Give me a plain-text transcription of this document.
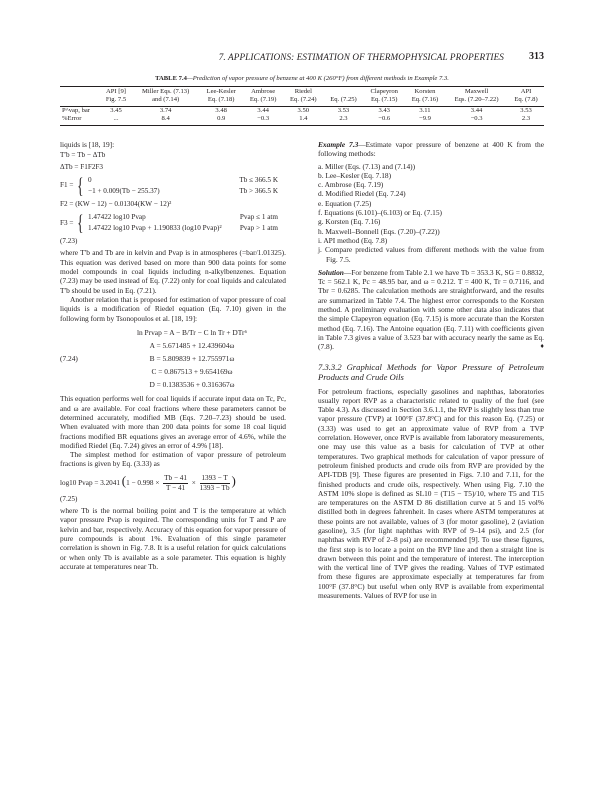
7. APPLICATIONS: ESTIMATION OF THERMOPHYSICAL PROPERTIES	313
TABLE 7.4—Prediction of vapor pressure of benzene at 400 K (260°F) from different methods in Example 7.3.
	API [9]	Miller Eqs. (7.13)	Lee-Kesler	Ambrose	Riedel		Clapeyron	Korsten	Maxwell	API
	Fig. 7.5	and (7.14)	Eq. (7.18)	Eq. (7.19)	Eq. (7.24)	Eq. (7.25)	Eq. (7.15)	Eq. (7.16)	Eqs. (7.20–7.22)	Eq. (7.8)
P^vap, bar	3.45	3.74	3.48	3.44	3.50	3.53	3.43	3.11	3.44	3.53
%Error	...	8.4	0.9	−0.3	1.4	2.3	−0.6	−9.9	−0.3	2.3

liquids is [18, 19]:

T′b = Tb − ΔTb
ΔTb = F1F2F3
F1 = { 0	Tb ≤ 366.5 K
−1 + 0.009(Tb − 255.37)	Tb > 366.5 K
F2 = (KW − 12) − 0.01304(KW − 12)²
F3 = { 1.47422 log10 Pvap	Pvap ≤ 1 atm
1.47422 log10 Pvap + 1.190833 (log10 Pvap)²	Pvap > 1 atm
(7.23)

where T′b and Tb are in kelvin and Pvap is in atmospheres (=bar/1.01325). This equation was derived based on more than 900 data points for some model compounds in coal liquids including n-alkylbenzenes. Equation (7.23) may be used instead of Eq. (7.22) only for coal liquids and calculated T′b should be used in Eq. (7.21).

Another relation that is proposed for estimation of vapor pressure of coal liquids is a modification of Riedel equation (Eq. 7.10) given in the following form by Tsonopoulos et al. [18, 19]:

(7.24)
ln Prvap = A − B/Tr − C ln Tr + DTr⁶
A = 5.671485 + 12.439604ω
B = 5.809839 + 12.755971ω
C = 0.867513 + 9.654169ω
D = 0.1383536 + 0.316367ω

This equation performs well for coal liquids if accurate input data on Tc, Pc, and ω are available. For coal fractions where these parameters cannot be determined accurately, modified MB (Eqs. 7.20–7.23) should be used. When evaluated with more than 200 data points for some 18 coal liquid fractions modified BR equations gives an average error of 4.6%, while the modified Riedel (Eq. 7.24) gives an error of 4.9% [18].

The simplest method for estimation of vapor pressure of petroleum fractions is given by Eq. (3.33) as

log10 Pvap = 3.2041 ($1 - 0.998 \times \frac{Tb - 41}{T - 41} \times \frac{1393 - T}{1393 - Tb}$ )
(7.25)

where Tb is the normal boiling point and T is the temperature at which vapor pressure Pvap is required. The corresponding units for T and P are kelvin and bar, respectively. Accuracy of this equation for vapor pressure of pure compounds is about 1%. Evaluation of this single parameter correlation is shown in Fig. 7.8. It is a useful relation for quick calculations or when only Tb is available as a sole parameter. This equation is highly accurate at temperatures near Tb.

Example 7.3—Estimate vapor pressure of benzene at 400 K from the following methods:

a. Miller (Eqs. (7.13) and (7.14))
b. Lee–Kesler (Eq. 7.18)
c. Ambrose (Eq. 7.19)
d. Modified Riedel (Eq. 7.24)
e. Equation (7.25)
f. Equations (6.101)–(6.103) or Eq. (7.15)
g. Korsten (Eq. 7.16)
h. Maxwell–Bonnell (Eqs. (7.20)–(7.22))
i. API method (Eq. 7.8)
j. Compare predicted values from different methods with the value from Fig. 7.5.

Solution—For benzene from Table 2.1 we have Tb = 353.3 K, SG = 0.8832, Tc = 562.1 K, Pc = 48.95 bar, and ω = 0.212. T = 400 K, Tr = 0.7116, and Tbr = 0.6285. The calculation methods are straightforward, and the results are summarized in Table 7.4. The highest error corresponds to the Korsten method. A preliminary evaluation with some other data also indicates that the simple Clapeyron equation (Eq. 7.15) is more accurate than the Korsten method (Eq. 7.16). The Antoine equation (Eq. 7.11) with coefficients given in Table 7.3 gives a value of 3.523 bar with accuracy nearly the same as Eq. (7.8).	♦

7.3.3.2 Graphical Methods for Vapor Pressure of Petroleum Products and Crude Oils

For petroleum fractions, especially gasolines and naphthas, laboratories usually report RVP as a characteristic related to quality of the fuel (see Table 4.3). As discussed in Section 3.6.1.1, the RVP is slightly less than true vapor pressure (TVP) at 100°F (37.8°C) and for this reason Eq. (7.25) or (3.33) was used to get an approximate value of RVP from a TVP correlation. However, once RVP is available from laboratory measurements, one may use this value as a basis for calculation of TVP at other temperatures. Two graphical methods for calculation of vapor pressure of petroleum finished products and crude oils from RVP are provided by the API-TDB [9]. These figures are presented in Figs. 7.10 and 7.11, for the finished products and crude oils, respectively. When using Fig. 7.10 the ASTM 10% slope is defined as SL10 = (T15 − T5)/10, where T5 and T15 are temperatures on the ASTM D 86 distillation curve at 5 and 15 vol% distilled both in degrees fahrenheit. In cases where ASTM temperatures at these points are not available, values of 3 (for motor gasoline), 2 (aviation gasoline), 3.5 (for light naphthas with RVP of 9–14 psi), and 2.5 (for naphthas with RVP of 2–8 psi) are recommended [9]. To use these figures, the first step is to locate a point on the RVP line and then a straight line is drawn between this point and the temperature of interest. The interception with the vertical line of TVP gives the reading. Values of TVP estimated from these figures are approximate especially at temperatures far from 100°F (37.8°C) but useful when only RVP is available from experimental measurements. Values of RVP for use in
